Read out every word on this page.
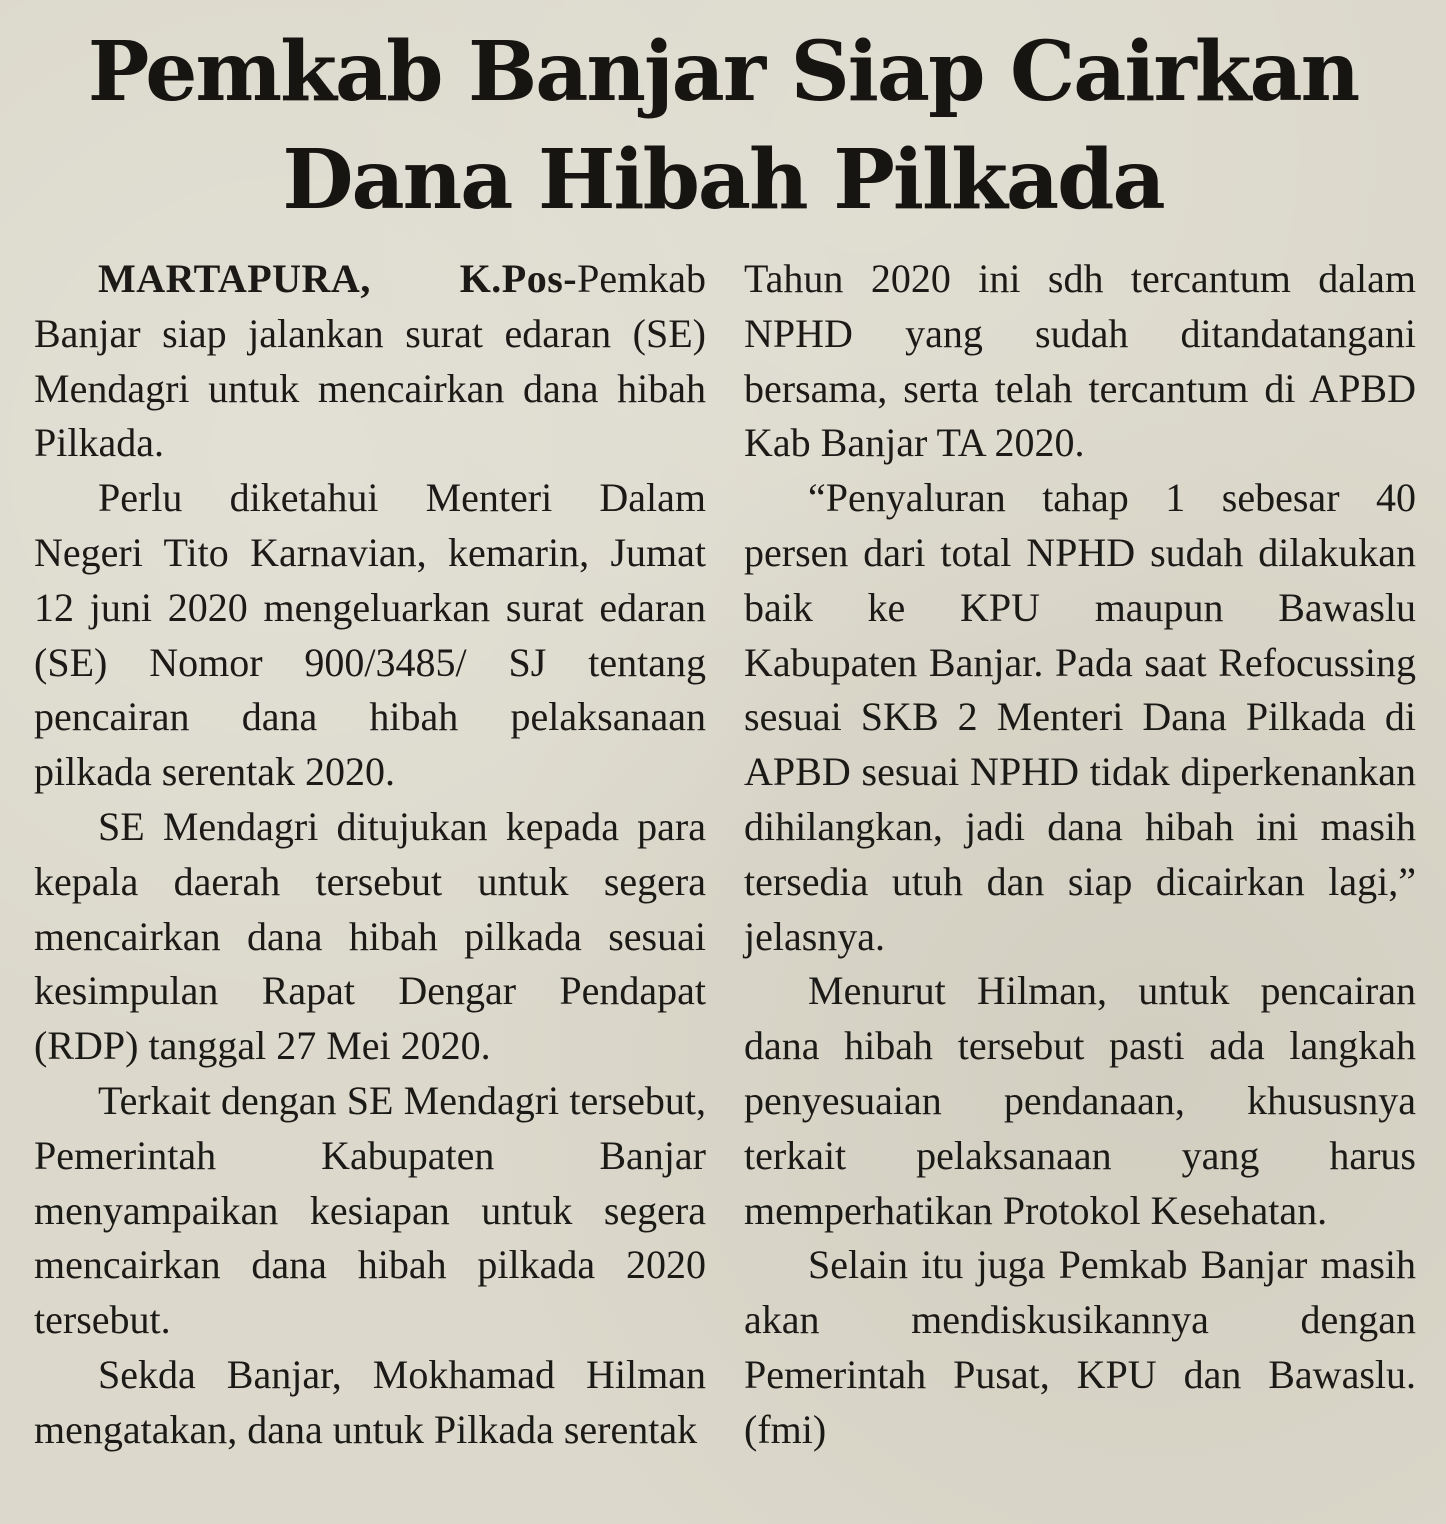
Pemkab Banjar Siap Cairkan
Dana Hibah Pilkada

MARTAPURA, K.Pos-Pemkab Banjar siap jalankan surat edaran (SE) Mendagri untuk mencairkan dana hibah Pilkada.

Perlu diketahui Menteri Dalam Negeri Tito Karnavian, kemarin, Jumat 12 juni 2020 mengeluarkan surat edaran (SE) Nomor 900/3485/ SJ tentang pencairan dana hibah pelaksanaan pilkada serentak 2020.

SE Mendagri ditujukan kepada para kepala daerah tersebut untuk segera mencairkan dana hibah pilkada sesuai kesimpulan Rapat Dengar Pendapat (RDP) tanggal 27 Mei 2020.

Terkait dengan SE Mendagri tersebut, Pemerintah Kabupaten Banjar menyampaikan kesiapan untuk segera mencairkan dana hibah pilkada 2020 tersebut.

Sekda Banjar, Mokhamad Hilman mengatakan, dana untuk Pilkada serentak

Tahun 2020 ini sdh tercantum dalam NPHD yang sudah ditandatangani bersama, serta telah tercantum di APBD Kab Banjar TA 2020.

“Penyaluran tahap 1 sebesar 40 persen dari total NPHD sudah dilakukan baik ke KPU maupun Bawaslu Kabupaten Banjar. Pada saat Refocussing sesuai SKB 2 Menteri Dana Pilkada di APBD sesuai NPHD tidak diperkenankan dihilangkan, jadi dana hibah ini masih tersedia utuh dan siap dicairkan lagi,” jelasnya.

Menurut Hilman, untuk pencairan dana hibah tersebut pasti ada langkah penyesuaian pendanaan, khususnya terkait pelaksanaan yang harus memperhatikan Protokol Kesehatan.

Selain itu juga Pemkab Banjar masih akan mendiskusikannya dengan Pemerintah Pusat, KPU dan Bawaslu.(fmi)
